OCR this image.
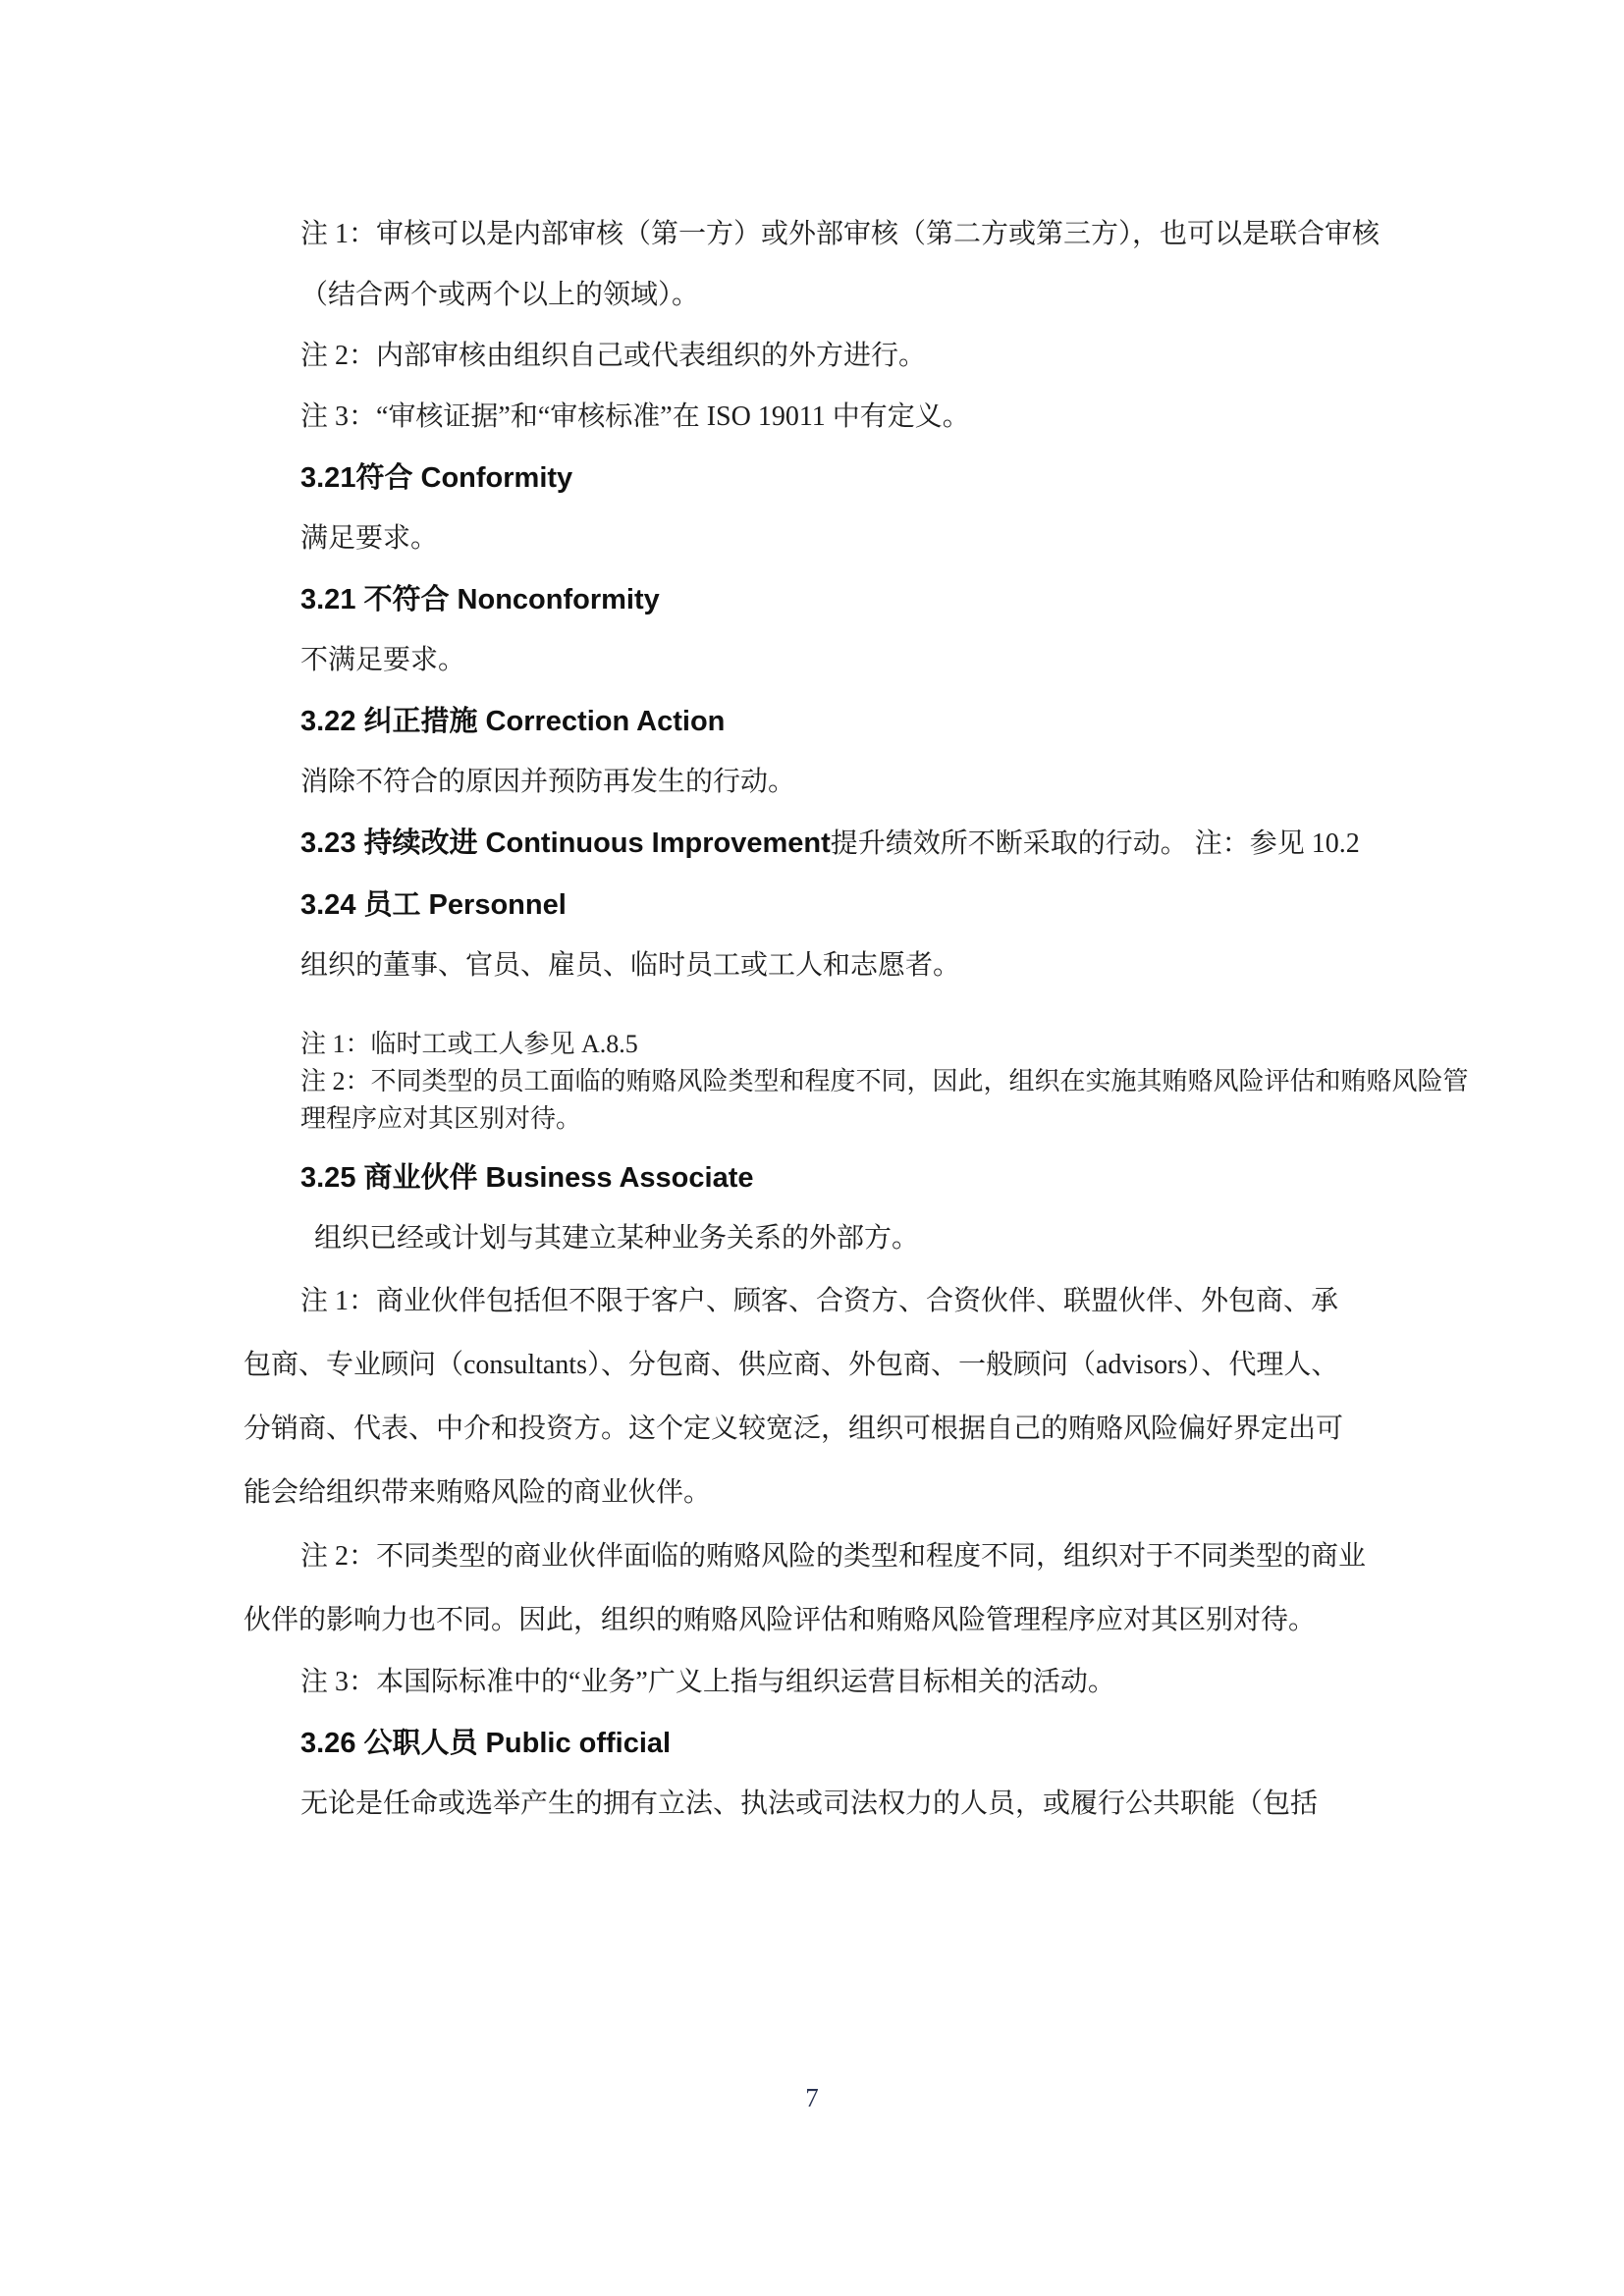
注 1：审核可以是内部审核（第一方）或外部审核（第二方或第三方），也可以是联合审核
（结合两个或两个以上的领域）。
注 2：内部审核由组织自己或代表组织的外方进行。
注 3：“审核证据”和“审核标准”在 ISO 19011 中有定义。
3.21符合 Conformity
满足要求。
3.21 不符合 Nonconformity
不满足要求。
3.22 纠正措施 Correction Action
消除不符合的原因并预防再发生的行动。
3.23 持续改进 Continuous Improvement提升绩效所不断采取的行动。 注：参见 10.2
3.24 员工 Personnel
组织的董事、官员、雇员、临时员工或工人和志愿者。
注 1：临时工或工人参见 A.8.5
注 2：不同类型的员工面临的贿赂风险类型和程度不同，因此，组织在实施其贿赂风险评估和贿赂风险管
理程序应对其区别对待。
3.25 商业伙伴 Business Associate
组织已经或计划与其建立某种业务关系的外部方。
注 1：商业伙伴包括但不限于客户、顾客、合资方、合资伙伴、联盟伙伴、外包商、承
包商、专业顾问（consultants）、分包商、供应商、外包商、一般顾问（advisors）、代理人、
分销商、代表、中介和投资方。这个定义较宽泛，组织可根据自己的贿赂风险偏好界定出可
能会给组织带来贿赂风险的商业伙伴。
注 2：不同类型的商业伙伴面临的贿赂风险的类型和程度不同，组织对于不同类型的商业
伙伴的影响力也不同。因此，组织的贿赂风险评估和贿赂风险管理程序应对其区别对待。
注 3：本国际标准中的“业务”广义上指与组织运营目标相关的活动。
3.26 公职人员 Public official
无论是任命或选举产生的拥有立法、执法或司法权力的人员，或履行公共职能（包括
7
